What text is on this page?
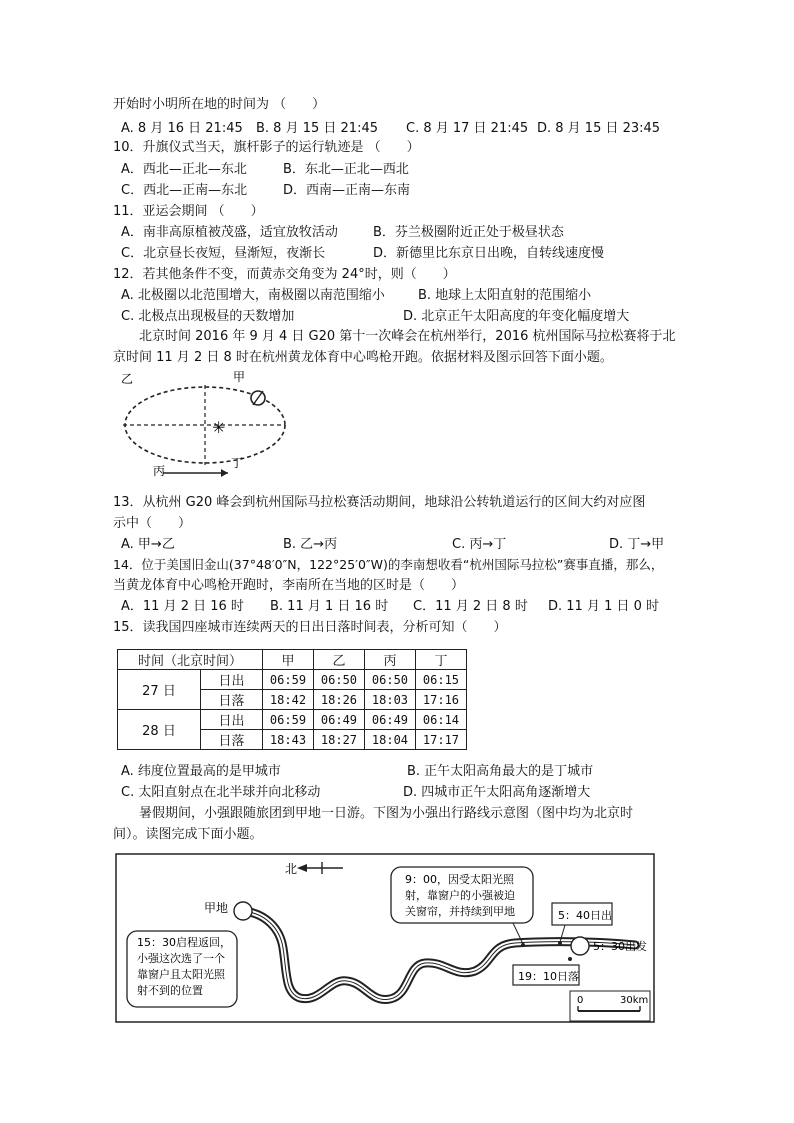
开始时小明所在地的时间为 （　　）
A. 8 月 16 日 21:45 B. 8 月 15 日 21:45 C. 8 月 17 日 21:45 D. 8 月 15 日 23:45
10．升旗仪式当天，旗杆影子的运行轨迹是 （　　）
A．西北—正北—东北	B．东北—正北—西北
C．西北—正南—东北	D．西南—正南—东南
11．亚运会期间 （　　）
A．南非高原植被茂盛，适宜放牧活动	B．芬兰极圈附近正处于极昼状态
C．北京昼长夜短，昼渐短，夜渐长	D．新德里比东京日出晚，自转线速度慢
12．若其他条件不变，而黄赤交角变为 24°时，则（　　）
A. 北极圈以北范围增大，南极圈以南范围缩小	B. 地球上太阳直射的范围缩小
C. 北极点出现极昼的天数增加	D. 北京正午太阳高度的年变化幅度增大
　　北京时间 2016 年 9 月 4 日 G20 第十一次峰会在杭州举行，2016 杭州国际马拉松赛将于北
京时间 11 月 2 日 8 时在杭州黄龙体育中心鸣枪开跑。依据材料及图示回答下面小题。
✳
乙	甲
丙
丁
13．从杭州 G20 峰会到杭州国际马拉松赛活动期间，地球沿公转轨道运行的区间大约对应图
示中（　　）
A. 甲→乙	B. 乙→丙	C. 丙→丁	D. 丁→甲
14．位于美国旧金山(37°48′0″N，122°25′0″W)的李南想收看“杭州国际马拉松”赛事直播，那么，
当黄龙体育中心鸣枪开跑时，李南所在当地的区时是（　　）
A．11 月 2 日 16 时 B. 11 月 1 日 16 时 C．11 月 2 日 8 时 D. 11 月 1 日 0 时
15．读我国四座城市连续两天的日出日落时间表，分析可知（　　）
时间（北京时间）		甲	乙	丙	丁
27 日	日出	06:59	06:50	06:50	06:15
	日落	18:42	18:26	18:03	17:16
28 日	日出	06:59	06:49	06:49	06:14
	日落	18:43	18:27	18:04	17:17
A. 纬度位置最高的是甲城市	B. 正午太阳高角最大的是丁城市
C. 太阳直射点在北半球并向北移动	D. 四城市正午太阳高角逐渐增大
　　暑假期间，小强跟随旅团到甲地一日游。下图为小强出行路线示意图（图中均为北京时
间）。读图完成下面小题。
北
甲地
15：30启程返回，
小强这次选了一个
靠窗户且太阳光照
射不到的位置
9：00，因受太阳光照
射，靠窗户的小强被迫
关窗帘，并持续到甲地	5：40日出
5：30出发
19：10日落
0	30km
